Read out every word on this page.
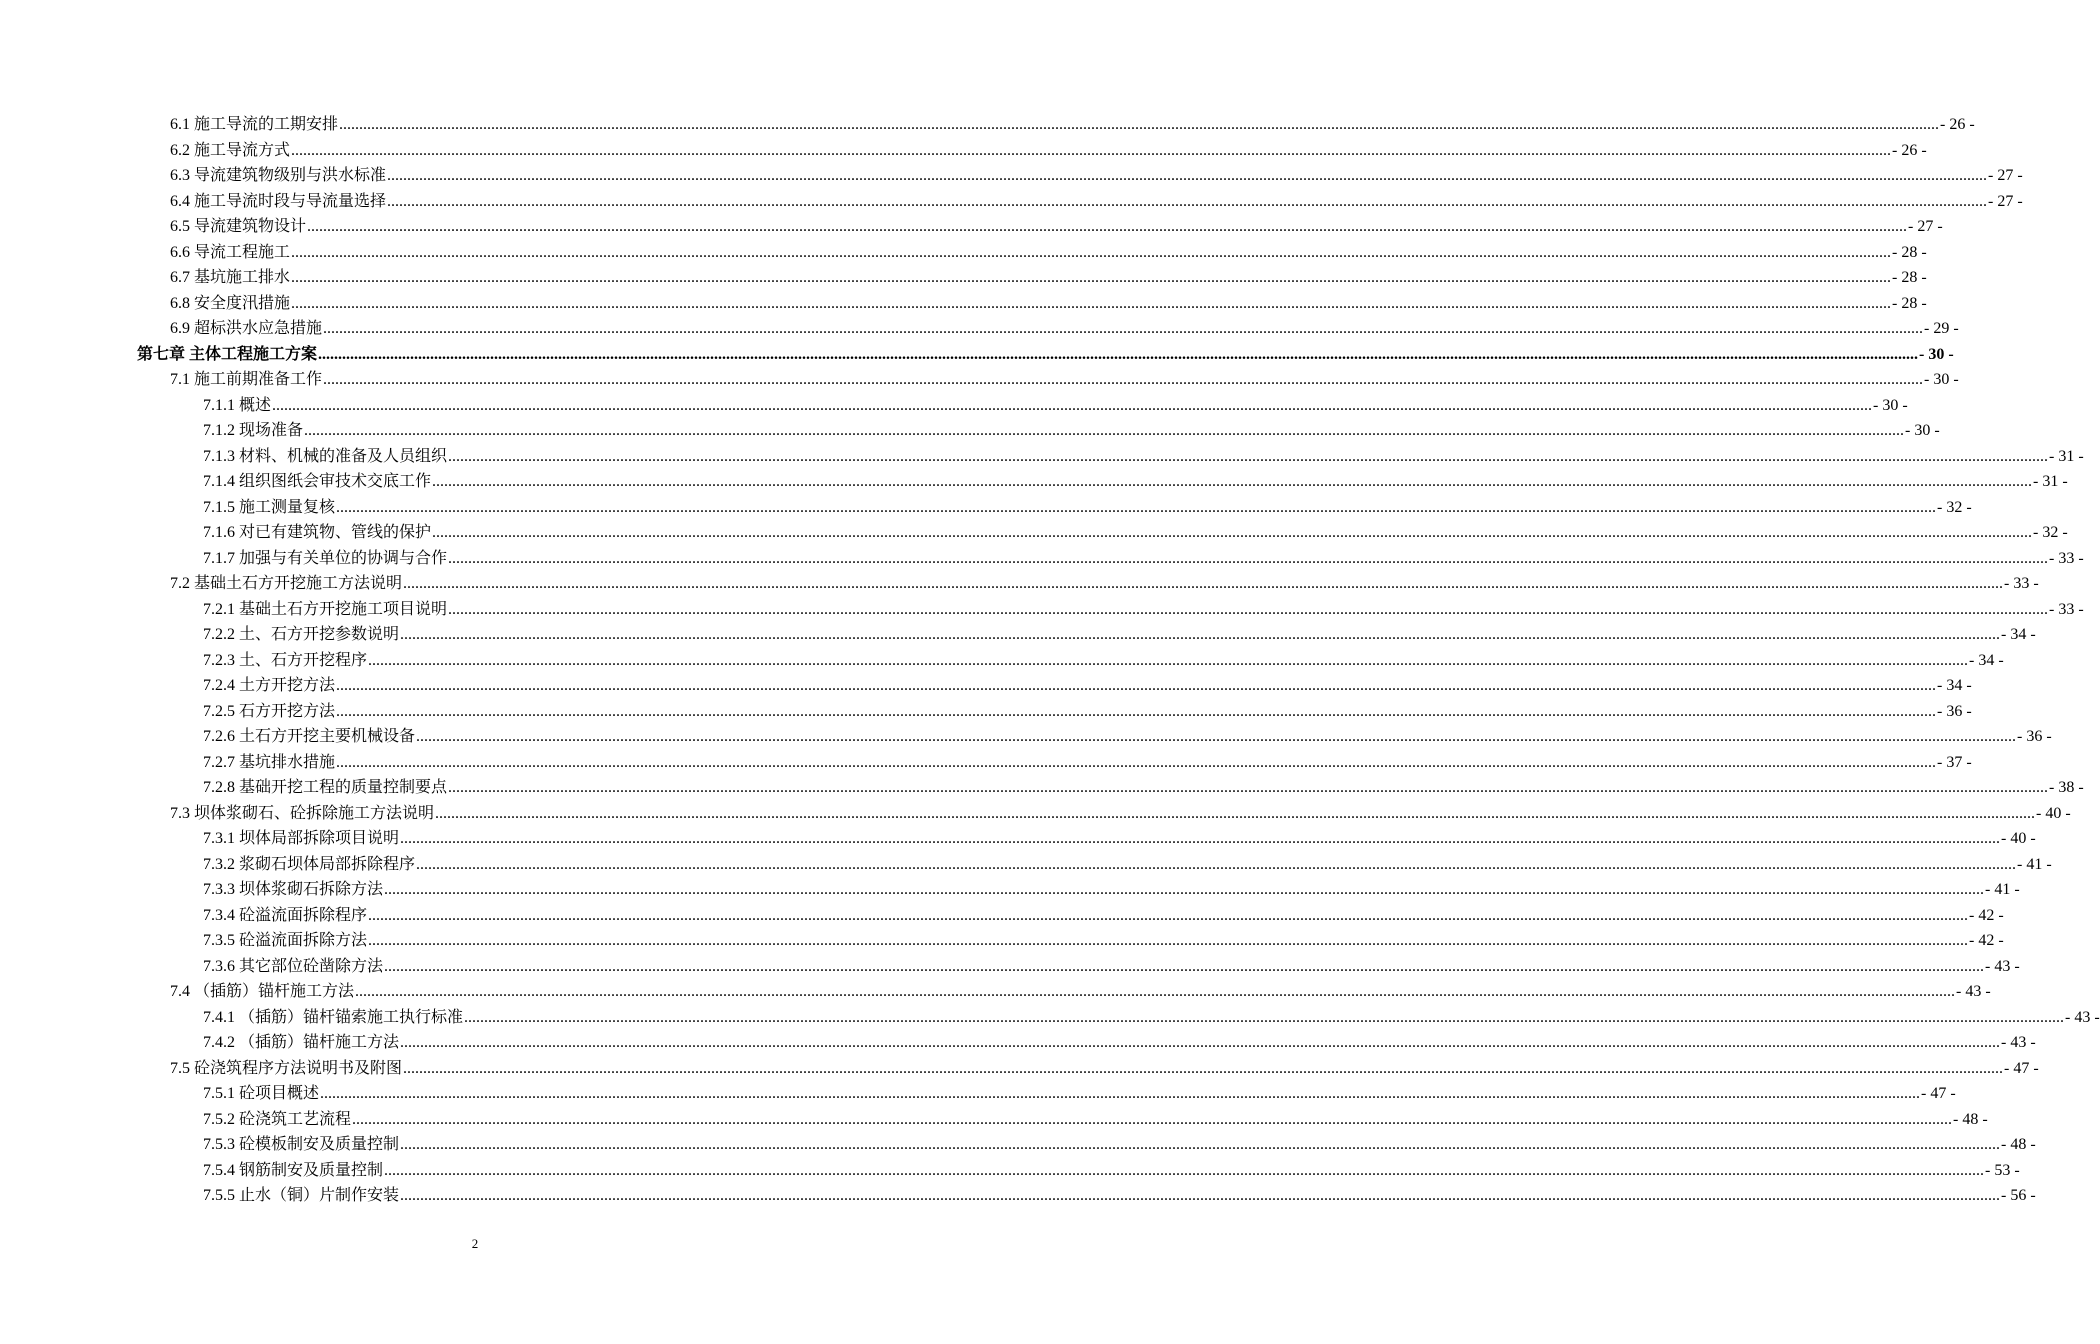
6.1 施工导流的工期安排 ................................................................................................................................................................................................................................................................................................................................................................................................................ - 26 -
6.2 施工导流方式 ................................................................................................................................................................................................................................................................................................................................................................................................................ - 26 -
6.3 导流建筑物级别与洪水标准 ................................................................................................................................................................................................................................................................................................................................................................................................................ - 27 -
6.4 施工导流时段与导流量选择 ................................................................................................................................................................................................................................................................................................................................................................................................................ - 27 -
6.5 导流建筑物设计 ................................................................................................................................................................................................................................................................................................................................................................................................................ - 27 -
6.6 导流工程施工 ................................................................................................................................................................................................................................................................................................................................................................................................................ - 28 -
6.7 基坑施工排水 ................................................................................................................................................................................................................................................................................................................................................................................................................ - 28 -
6.8 安全度汛措施 ................................................................................................................................................................................................................................................................................................................................................................................................................ - 28 -
6.9 超标洪水应急措施 ................................................................................................................................................................................................................................................................................................................................................................................................................ - 29 -
第七章 主体工程施工方案 ................................................................................................................................................................................................................................................................................................................................................................................................................ - 30 -
7.1 施工前期准备工作 ................................................................................................................................................................................................................................................................................................................................................................................................................ - 30 -
7.1.1 概述 ................................................................................................................................................................................................................................................................................................................................................................................................................ - 30 -
7.1.2 现场准备 ................................................................................................................................................................................................................................................................................................................................................................................................................ - 30 -
7.1.3 材料、机械的准备及人员组织 ................................................................................................................................................................................................................................................................................................................................................................................................................ - 31 -
7.1.4 组织图纸会审技术交底工作 ................................................................................................................................................................................................................................................................................................................................................................................................................ - 31 -
7.1.5 施工测量复核 ................................................................................................................................................................................................................................................................................................................................................................................................................ - 32 -
7.1.6 对已有建筑物、管线的保护 ................................................................................................................................................................................................................................................................................................................................................................................................................ - 32 -
7.1.7 加强与有关单位的协调与合作 ................................................................................................................................................................................................................................................................................................................................................................................................................ - 33 -
7.2 基础土石方开挖施工方法说明 ................................................................................................................................................................................................................................................................................................................................................................................................................ - 33 -
7.2.1 基础土石方开挖施工项目说明 ................................................................................................................................................................................................................................................................................................................................................................................................................ - 33 -
7.2.2 土、石方开挖参数说明 ................................................................................................................................................................................................................................................................................................................................................................................................................ - 34 -
7.2.3 土、石方开挖程序 ................................................................................................................................................................................................................................................................................................................................................................................................................ - 34 -
7.2.4 土方开挖方法 ................................................................................................................................................................................................................................................................................................................................................................................................................ - 34 -
7.2.5 石方开挖方法 ................................................................................................................................................................................................................................................................................................................................................................................................................ - 36 -
7.2.6 土石方开挖主要机械设备 ................................................................................................................................................................................................................................................................................................................................................................................................................ - 36 -
7.2.7 基坑排水措施 ................................................................................................................................................................................................................................................................................................................................................................................................................ - 37 -
7.2.8 基础开挖工程的质量控制要点 ................................................................................................................................................................................................................................................................................................................................................................................................................ - 38 -
7.3 坝体浆砌石、砼拆除施工方法说明 ................................................................................................................................................................................................................................................................................................................................................................................................................ - 40 -
7.3.1 坝体局部拆除项目说明 ................................................................................................................................................................................................................................................................................................................................................................................................................ - 40 -
7.3.2 浆砌石坝体局部拆除程序 ................................................................................................................................................................................................................................................................................................................................................................................................................ - 41 -
7.3.3 坝体浆砌石拆除方法 ................................................................................................................................................................................................................................................................................................................................................................................................................ - 41 -
7.3.4 砼溢流面拆除程序 ................................................................................................................................................................................................................................................................................................................................................................................................................ - 42 -
7.3.5 砼溢流面拆除方法 ................................................................................................................................................................................................................................................................................................................................................................................................................ - 42 -
7.3.6 其它部位砼凿除方法 ................................................................................................................................................................................................................................................................................................................................................................................................................ - 43 -
7.4 （插筋）锚杆施工方法 ................................................................................................................................................................................................................................................................................................................................................................................................................ - 43 -
7.4.1 （插筋）锚杆锚索施工执行标准 ................................................................................................................................................................................................................................................................................................................................................................................................................ - 43 -
7.4.2 （插筋）锚杆施工方法 ................................................................................................................................................................................................................................................................................................................................................................................................................ - 43 -
7.5 砼浇筑程序方法说明书及附图 ................................................................................................................................................................................................................................................................................................................................................................................................................ - 47 -
7.5.1 砼项目概述 ................................................................................................................................................................................................................................................................................................................................................................................................................ - 47 -
7.5.2 砼浇筑工艺流程 ................................................................................................................................................................................................................................................................................................................................................................................................................ - 48 -
7.5.3 砼模板制安及质量控制 ................................................................................................................................................................................................................................................................................................................................................................................................................ - 48 -
7.5.4 钢筋制安及质量控制 ................................................................................................................................................................................................................................................................................................................................................................................................................ - 53 -
7.5.5 止水（铜）片制作安装 ................................................................................................................................................................................................................................................................................................................................................................................................................ - 56 -
2
